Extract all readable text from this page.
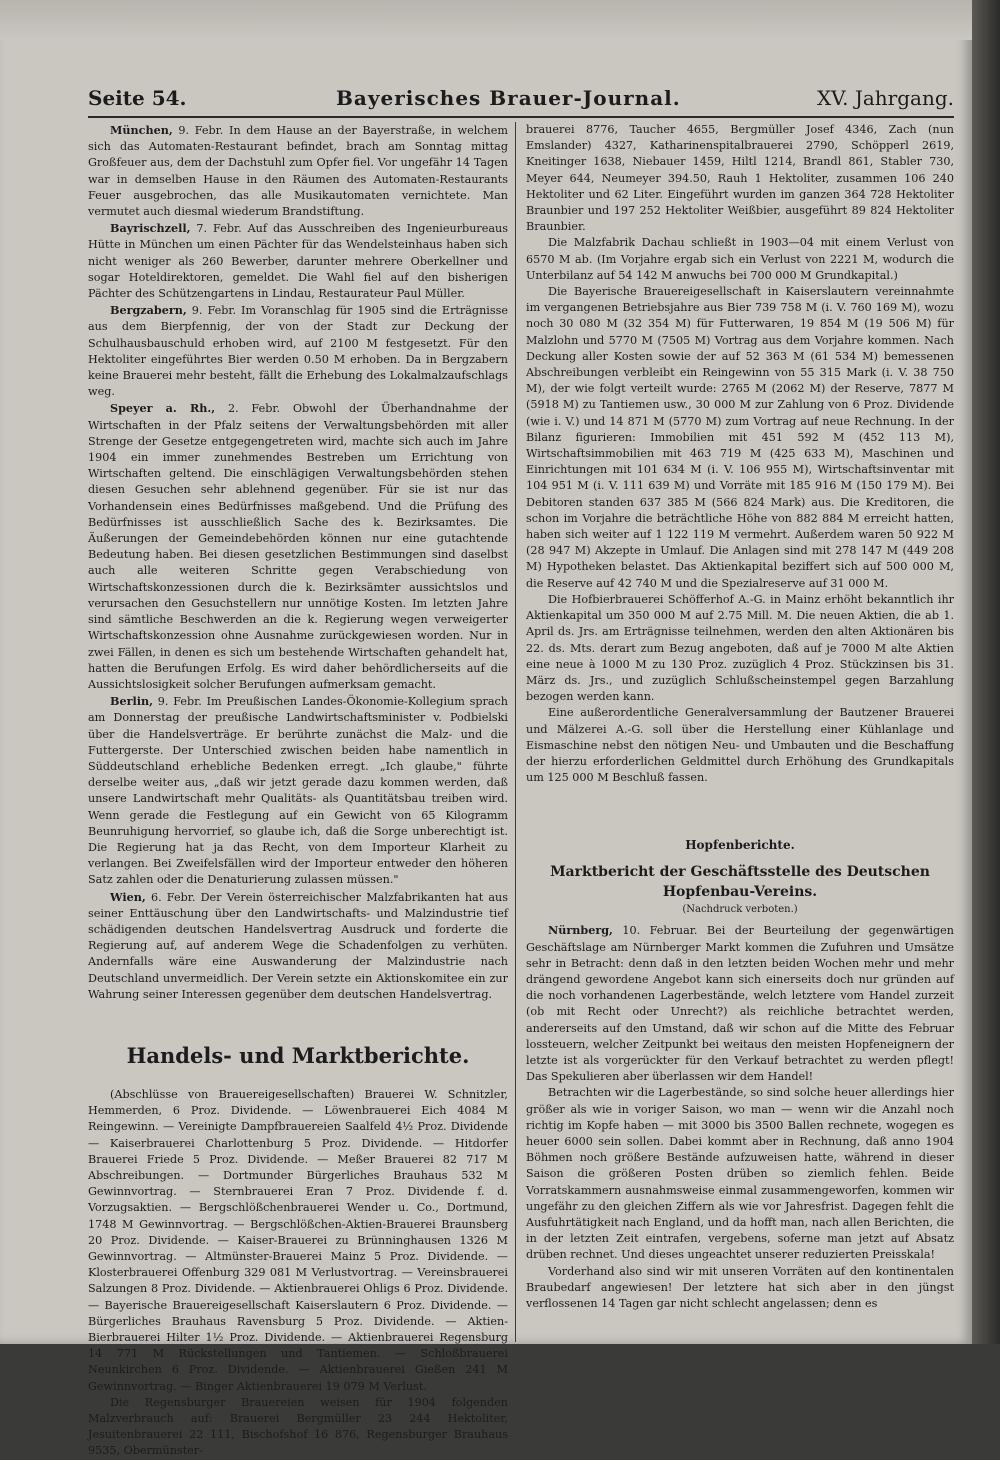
Seite 54.	Bayerisches Brauer-Journal.	XV. Jahrgang.

München, 9. Febr. In dem Hause an der Bayerstraße, in welchem sich das Automaten-Restaurant befindet, brach am Sonntag mittag Großfeuer aus, dem der Dachstuhl zum Opfer fiel. Vor ungefähr 14 Tagen war in demselben Hause in den Räumen des Automaten-Restaurants Feuer ausgebrochen, das alle Musikautomaten vernichtete. Man vermutet auch diesmal wiederum Brandstiftung.

Bayrischzell, 7. Febr. Auf das Ausschreiben des Ingenieurbureaus Hütte in München um einen Pächter für das Wendelsteinhaus haben sich nicht weniger als 260 Bewerber, darunter mehrere Oberkellner und sogar Hoteldirektoren, gemeldet. Die Wahl fiel auf den bisherigen Pächter des Schützengartens in Lindau, Restaurateur Paul Müller.

Bergzabern, 9. Febr. Im Voranschlag für 1905 sind die Erträgnisse aus dem Bierpfennig, der von der Stadt zur Deckung der Schulhausbauschuld erhoben wird, auf 2100 M festgesetzt. Für den Hektoliter eingeführtes Bier werden 0.50 M erhoben. Da in Bergzabern keine Brauerei mehr besteht, fällt die Erhebung des Lokalmalzaufschlags weg.

Speyer a. Rh., 2. Febr. Obwohl der Überhandnahme der Wirtschaften in der Pfalz seitens der Verwaltungsbehörden mit aller Strenge der Gesetze entgegengetreten wird, machte sich auch im Jahre 1904 ein immer zunehmendes Bestreben um Errichtung von Wirtschaften geltend. Die einschlägigen Verwaltungsbehörden stehen diesen Gesuchen sehr ablehnend gegenüber. Für sie ist nur das Vorhandensein eines Bedürfnisses maßgebend. Und die Prüfung des Bedürfnisses ist ausschließlich Sache des k. Bezirksamtes. Die Äußerungen der Gemeindebehörden können nur eine gutachtende Bedeutung haben. Bei diesen gesetzlichen Bestimmungen sind daselbst auch alle weiteren Schritte gegen Verabschiedung von Wirtschaftskonzessionen durch die k. Bezirksämter aussichtslos und verursachen den Gesuchstellern nur unnötige Kosten. Im letzten Jahre sind sämtliche Beschwerden an die k. Regierung wegen verweigerter Wirtschaftskonzession ohne Ausnahme zurückgewiesen worden. Nur in zwei Fällen, in denen es sich um bestehende Wirtschaften gehandelt hat, hatten die Berufungen Erfolg. Es wird daher behördlicherseits auf die Aussichtslosigkeit solcher Berufungen aufmerksam gemacht.

Berlin, 9. Febr. Im Preußischen Landes-Ökonomie-Kollegium sprach am Donnerstag der preußische Landwirtschaftsminister v. Podbielski über die Handelsverträge. Er berührte zunächst die Malz- und die Futtergerste. Der Unterschied zwischen beiden habe namentlich in Süddeutschland erhebliche Bedenken erregt. „Ich glaube," führte derselbe weiter aus, „daß wir jetzt gerade dazu kommen werden, daß unsere Landwirtschaft mehr Qualitäts- als Quantitätsbau treiben wird. Wenn gerade die Festlegung auf ein Gewicht von 65 Kilogramm Beunruhigung hervorrief, so glaube ich, daß die Sorge unberechtigt ist. Die Regierung hat ja das Recht, von dem Importeur Klarheit zu verlangen. Bei Zweifelsfällen wird der Importeur entweder den höheren Satz zahlen oder die Denaturierung zulassen müssen."

Wien, 6. Febr. Der Verein österreichischer Malzfabrikanten hat aus seiner Enttäuschung über den Landwirtschafts- und Malzindustrie tief schädigenden deutschen Handelsvertrag Ausdruck und forderte die Regierung auf, auf anderem Wege die Schadenfolgen zu verhüten. Andernfalls wäre eine Auswanderung der Malzindustrie nach Deutschland unvermeidlich. Der Verein setzte ein Aktionskomitee ein zur Wahrung seiner Interessen gegenüber dem deutschen Handelsvertrag.

Handels- und Marktberichte.

(Abschlüsse von Brauereigesellschaften) Brauerei W. Schnitzler, Hemmerden, 6 Proz. Dividende. — Löwenbrauerei Eich 4084 M Reingewinn. — Vereinigte Dampfbrauereien Saalfeld 4½ Proz. Dividende — Kaiserbrauerei Charlottenburg 5 Proz. Dividende. — Hitdorfer Brauerei Friede 5 Proz. Dividende. — Meßer Brauerei 82 717 M Abschreibungen. — Dortmunder Bürgerliches Brauhaus 532 M Gewinnvortrag. — Sternbrauerei Eran 7 Proz. Dividende f. d. Vorzugsaktien. — Bergschlößchenbrauerei Wender u. Co., Dortmund, 1748 M Gewinnvortrag. — Bergschlößchen-Aktien-Brauerei Braunsberg 20 Proz. Dividende. — Kaiser-Brauerei zu Brünninghausen 1326 M Gewinnvortrag. — Altmünster-Brauerei Mainz 5 Proz. Dividende. — Klosterbrauerei Offenburg 329 081 M Verlustvortrag. — Vereinsbrauerei Salzungen 8 Proz. Dividende. — Aktienbrauerei Ohligs 6 Proz. Dividende. — Bayerische Brauereigesellschaft Kaiserslautern 6 Proz. Dividende. — Bürgerliches Brauhaus Ravensburg 5 Proz. Dividende. — Aktien-Bierbrauerei Hilter 1½ Proz. Dividende. — Aktienbrauerei Regensburg 14 771 M Rückstellungen und Tantiemen. — Schloßbrauerei Neunkirchen 6 Proz. Dividende. — Aktienbrauerei Gießen 241 M Gewinnvortrag. — Binger Aktienbrauerei 19 079 M Verlust.

Die Regensburger Brauereien weisen für 1904 folgenden Malzverbrauch auf: Brauerei Bergmüller 23 244 Hektoliter, Jesuitenbrauerei 22 111, Bischofshof 16 876, Regensburger Brauhaus 9535, Obermünster-

brauerei 8776, Taucher 4655, Bergmüller Josef 4346, Zach (nun Emslander) 4327, Katharinenspitalbrauerei 2790, Schöpperl 2619, Kneitinger 1638, Niebauer 1459, Hiltl 1214, Brandl 861, Stabler 730, Meyer 644, Neumeyer 394.50, Rauh 1 Hektoliter, zusammen 106 240 Hektoliter und 62 Liter. Eingeführt wurden im ganzen 364 728 Hektoliter Braunbier und 197 252 Hektoliter Weißbier, ausgeführt 89 824 Hektoliter Braunbier.

Die Malzfabrik Dachau schließt in 1903—04 mit einem Verlust von 6570 M ab. (Im Vorjahre ergab sich ein Verlust von 2221 M, wodurch die Unterbilanz auf 54 142 M anwuchs bei 700 000 M Grundkapital.)

Die Bayerische Brauereigesellschaft in Kaiserslautern vereinnahmte im vergangenen Betriebsjahre aus Bier 739 758 M (i. V. 760 169 M), wozu noch 30 080 M (32 354 M) für Futterwaren, 19 854 M (19 506 M) für Malzlohn und 5770 M (7505 M) Vortrag aus dem Vorjahre kommen. Nach Deckung aller Kosten sowie der auf 52 363 M (61 534 M) bemessenen Abschreibungen verbleibt ein Reingewinn von 55 315 Mark (i. V. 38 750 M), der wie folgt verteilt wurde: 2765 M (2062 M) der Reserve, 7877 M (5918 M) zu Tantiemen usw., 30 000 M zur Zahlung von 6 Proz. Dividende (wie i. V.) und 14 871 M (5770 M) zum Vortrag auf neue Rechnung. In der Bilanz figurieren: Immobilien mit 451 592 M (452 113 M), Wirtschaftsimmobilien mit 463 719 M (425 633 M), Maschinen und Einrichtungen mit 101 634 M (i. V. 106 955 M), Wirtschaftsinventar mit 104 951 M (i. V. 111 639 M) und Vorräte mit 185 916 M (150 179 M). Bei Debitoren standen 637 385 M (566 824 Mark) aus. Die Kreditoren, die schon im Vorjahre die beträchtliche Höhe von 882 884 M erreicht hatten, haben sich weiter auf 1 122 119 M vermehrt. Außerdem waren 50 922 M (28 947 M) Akzepte in Umlauf. Die Anlagen sind mit 278 147 M (449 208 M) Hypotheken belastet. Das Aktienkapital beziffert sich auf 500 000 M, die Reserve auf 42 740 M und die Spezialreserve auf 31 000 M.

Die Hofbierbrauerei Schöfferhof A.-G. in Mainz erhöht bekanntlich ihr Aktienkapital um 350 000 M auf 2.75 Mill. M. Die neuen Aktien, die ab 1. April ds. Jrs. am Erträgnisse teilnehmen, werden den alten Aktionären bis 22. ds. Mts. derart zum Bezug angeboten, daß auf je 7000 M alte Aktien eine neue à 1000 M zu 130 Proz. zuzüglich 4 Proz. Stückzinsen bis 31. März ds. Jrs., und zuzüglich Schlußscheinstempel gegen Barzahlung bezogen werden kann.

Eine außerordentliche Generalversammlung der Bautzener Brauerei und Mälzerei A.-G. soll über die Herstellung einer Kühlanlage und Eismaschine nebst den nötigen Neu- und Umbauten und die Beschaffung der hierzu erforderlichen Geldmittel durch Erhöhung des Grundkapitals um 125 000 M Beschluß fassen.

Hopfenberichte.
Marktbericht der Geschäftsstelle des Deutschen Hopfenbau-Vereins.
(Nachdruck verboten.)

Nürnberg, 10. Februar. Bei der Beurteilung der gegenwärtigen Geschäftslage am Nürnberger Markt kommen die Zufuhren und Umsätze sehr in Betracht: denn daß in den letzten beiden Wochen mehr und mehr drängend gewordene Angebot kann sich einerseits doch nur gründen auf die noch vorhandenen Lagerbestände, welch letztere vom Handel zurzeit (ob mit Recht oder Unrecht?) als reichliche betrachtet werden, andererseits auf den Umstand, daß wir schon auf die Mitte des Februar lossteuern, welcher Zeitpunkt bei weitaus den meisten Hopfeneignern der letzte ist als vorgerückter für den Verkauf betrachtet zu werden pflegt! Das Spekulieren aber überlassen wir dem Handel!

Betrachten wir die Lagerbestände, so sind solche heuer allerdings hier größer als wie in voriger Saison, wo man — wenn wir die Anzahl noch richtig im Kopfe haben — mit 3000 bis 3500 Ballen rechnete, wogegen es heuer 6000 sein sollen. Dabei kommt aber in Rechnung, daß anno 1904 Böhmen noch größere Bestände aufzuweisen hatte, während in dieser Saison die größeren Posten drüben so ziemlich fehlen. Beide Vorratskammern ausnahmsweise einmal zusammengeworfen, kommen wir ungefähr zu den gleichen Ziffern als wie vor Jahresfrist. Dagegen fehlt die Ausfuhrtätigkeit nach England, und da hofft man, nach allen Berichten, die in der letzten Zeit eintrafen, vergebens, soferne man jetzt auf Absatz drüben rechnet. Und dieses ungeachtet unserer reduzierten Preisskala!

Vorderhand also sind wir mit unseren Vorräten auf den kontinentalen Braubedarf angewiesen! Der letztere hat sich aber in den jüngst verflossenen 14 Tagen gar nicht schlecht angelassen; denn es
